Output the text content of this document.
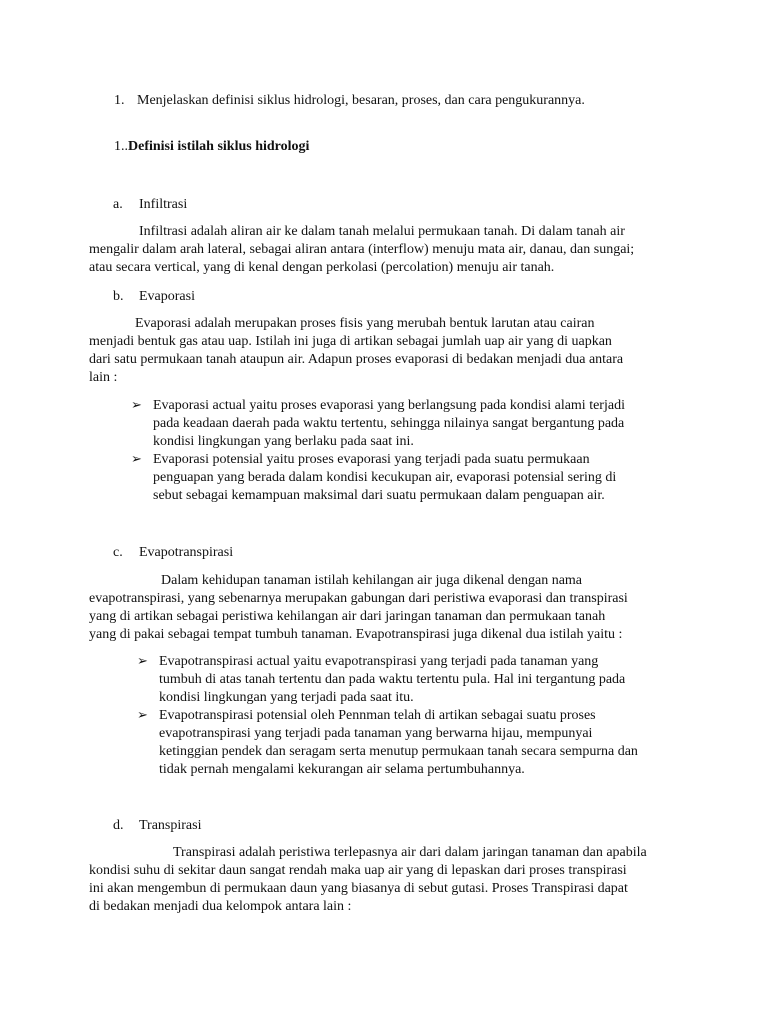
1. Menjelaskan definisi siklus hidrologi, besaran, proses, dan cara pengukurannya.
1..Definisi istilah siklus hidrologi
a. Infiltrasi
Infiltrasi adalah aliran air ke dalam tanah melalui permukaan tanah. Di dalam tanah air
mengalir dalam arah lateral, sebagai aliran antara (interflow) menuju mata air, danau, dan sungai;
atau secara vertical, yang di kenal dengan perkolasi (percolation) menuju air tanah.
b. Evaporasi
Evaporasi adalah merupakan proses fisis yang merubah bentuk larutan atau cairan
menjadi bentuk gas atau uap. Istilah ini juga di artikan sebagai jumlah uap air yang di uapkan
dari satu permukaan tanah ataupun air. Adapun proses evaporasi di bedakan menjadi dua antara
lain :
➢ Evaporasi actual yaitu proses evaporasi yang berlangsung pada kondisi alami terjadi
pada keadaan daerah pada waktu tertentu, sehingga nilainya sangat bergantung pada
kondisi lingkungan yang berlaku pada saat ini.
➢ Evaporasi potensial yaitu proses evaporasi yang terjadi pada suatu permukaan
penguapan yang berada dalam kondisi kecukupan air, evaporasi potensial sering di
sebut sebagai kemampuan maksimal dari suatu permukaan dalam penguapan air.
c. Evapotranspirasi
Dalam kehidupan tanaman istilah kehilangan air juga dikenal dengan nama
evapotranspirasi, yang sebenarnya merupakan gabungan dari peristiwa evaporasi dan transpirasi
yang di artikan sebagai peristiwa kehilangan air dari jaringan tanaman dan permukaan tanah
yang di pakai sebagai tempat tumbuh tanaman. Evapotranspirasi juga dikenal dua istilah yaitu :
➢ Evapotranspirasi actual yaitu evapotranspirasi yang terjadi pada tanaman yang
tumbuh di atas tanah tertentu dan pada waktu tertentu pula. Hal ini tergantung pada
kondisi lingkungan yang terjadi pada saat itu.
➢ Evapotranspirasi potensial oleh Pennman telah di artikan sebagai suatu proses
evapotranspirasi yang terjadi pada tanaman yang berwarna hijau, mempunyai
ketinggian pendek dan seragam serta menutup permukaan tanah secara sempurna dan
tidak pernah mengalami kekurangan air selama pertumbuhannya.
d. Transpirasi
Transpirasi adalah peristiwa terlepasnya air dari dalam jaringan tanaman dan apabila
kondisi suhu di sekitar daun sangat rendah maka uap air yang di lepaskan dari proses transpirasi
ini akan mengembun di permukaan daun yang biasanya di sebut gutasi. Proses Transpirasi dapat
di bedakan menjadi dua kelompok antara lain :
